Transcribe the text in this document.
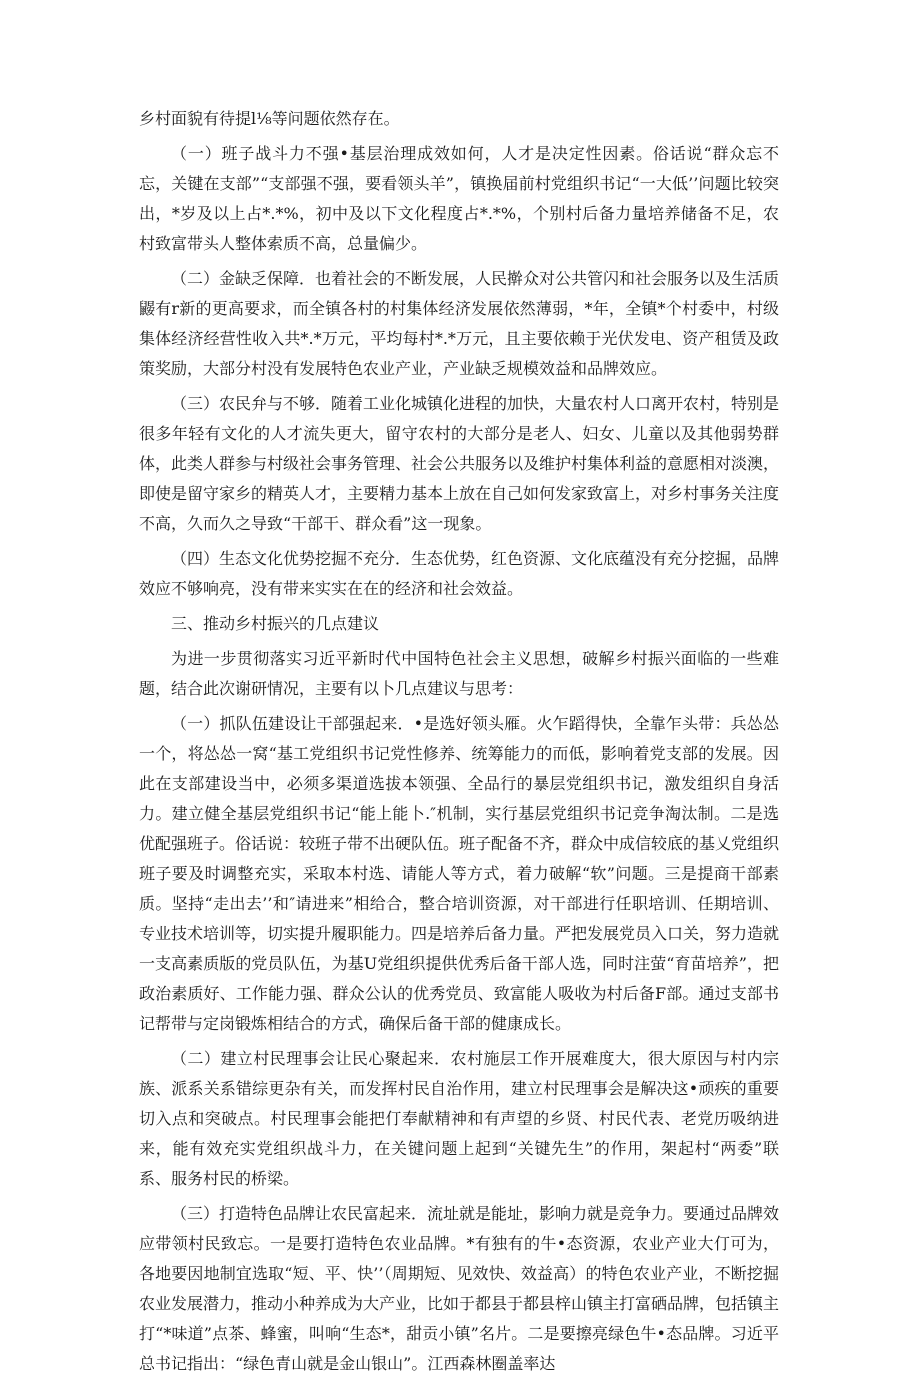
乡村面貌有待提l⅛等问题依然存在。

（一）班子战斗力不强•基层治理成效如何，人才是决定性因素。俗话说“群众忘不忘，关键在支部”“支部强不强，要看领头羊”，镇换届前村党组织书记“一大低’’问题比较突出，*岁及以上占*.*%，初中及以下文化程度占*.*%，个别村后备力量培养储备不足，农村致富带头人整体索质不高，总量偏少。

（二）金缺乏保障．也着社会的不断发展，人民擀众对公共管闪和社会服务以及生活质鼹有r新的更高要求，而全镇各村的村集体经济发展依然薄弱，*年，全镇*个村委中，村级集体经济经营性收入共*.*万元，平均每村*.*万元，且主要依赖于光伏发电、资产租赁及政策奖励，大部分村没有发展特色农业产业，产业缺乏规模效益和品牌效应。

（三）农民弁与不够．随着工业化城镇化进程的加快，大量农村人口离开农村，特别是很多年轻有文化的人才流失更大，留守农村的大部分是老人、妇女、儿童以及其他弱势群体，此类人群参与村级社会事务管理、社会公共服务以及维护村集体利益的意愿相对淡澳，即使是留守家乡的精英人才，主要精力基本上放在自己如何发家致富上，对乡村事务关注度不高，久而久之导致“干部干、群众看”这一现象。

（四）生态文化优势挖掘不充分．生态优势，红色资源、文化底蕴没有充分挖掘，品牌效应不够响亮，没有带来实实在在的经济和社会效益。

三、推动乡村振兴的几点建议

为进一步贯彻落实习近平新时代中国特色社会主义思想，破解乡村振兴面临的一些难题，结合此次谢研情况，主要有以卜几点建议与思考：

（一）抓队伍建设让干部强起来．•是选好领头雁。火乍蹈得快，全靠乍头带：兵怂怂一个，将怂怂一窝“基工党组织书记党性修养、统筹能力的而低，影响着党支部的发展。因此在支部建设当中，必须多渠道选拔本领强、全品行的暴层党组织书记，激发组织自身活力。建立健全基层党组织书记“能上能卜.″机制，实行基层党组织书记竞争淘汰制。二是选优配强班子。俗话说：较班子带不出硬队伍。班子配备不齐，群众中成信较底的基乂党组织班子要及时调整充实，采取本村选、请能人等方式，着力破解“软”问题。三是提商干部素质。坚持“走出去’’和″请进来”相给合，整合培训资源，对干部进行任职培训、任期培训、专业技术培训等，切实提升履职能力。四是培养后备力量。严把发展党员入口关，努力造就一支高素质版的党员队伍，为基U党组织提供优秀后备干部人选，同时注萤“育苗培养”，把政治素质好、工作能力强、群众公认的优秀党员、致富能人吸收为村后备F部。通过支部书记帮带与定岗锻炼相结合的方式，确保后备干部的健康成长。

（二）建立村民理事会让民心聚起来．农村施层工作开展难度大，很大原因与村内宗族、派系关系错综更杂有关，而发挥村民自治作用，建立村民理事会是解决这•顽疾的重要切入点和突破点。村民理事会能把仃奉献精神和有声望的乡贤、村民代表、老党历吸纳进来，能有效充实党组织战斗力，在关键问题上起到“关键先生”的作用，架起村“两委”联系、服务村民的桥梁。

（三）打造特色品牌让农民富起来．流址就是能址，影响力就是竞争力。要通过品牌效应带领村民致忘。一是要打造特色农业品牌。*有独有的牛•态资源，农业产业大仃可为，各地要因地制宜选取“短、平、快’’（周期短、见效快、效益高）的特色农业产业，不断挖掘农业发展潜力，推动小种养成为大产业，比如于都县于都县梓山镇主打富硒品牌，包括镇主打“*味道”点茶、蜂蜜，叫响“生态*，甜贡小镇”名片。二是要擦亮绿色牛•态品牌。习近平总书记指出：“绿色青山就是金山银山”。江西森林圈盖率达
